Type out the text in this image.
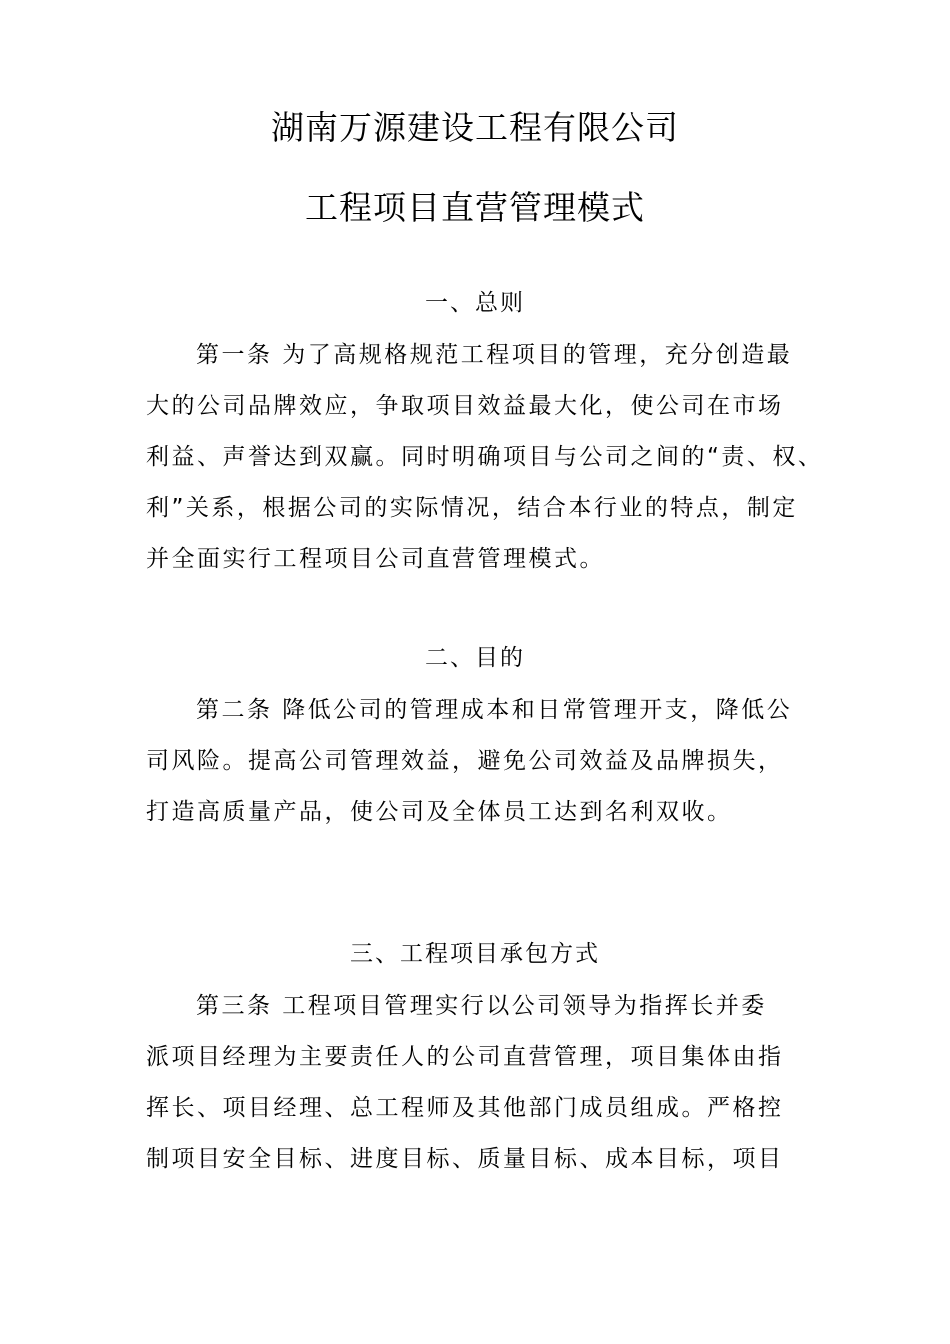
湖南万源建设工程有限公司
工程项目直营管理模式
一、总则
第一条 为了高规格规范工程项目的管理，充分创造最
大的公司品牌效应，争取项目效益最大化，使公司在市场
利益、声誉达到双赢。同时明确项目与公司之间的“责、权、
利”关系，根据公司的实际情况，结合本行业的特点，制定
并全面实行工程项目公司直营管理模式。
二、目的
第二条 降低公司的管理成本和日常管理开支，降低公
司风险。提高公司管理效益，避免公司效益及品牌损失，
打造高质量产品，使公司及全体员工达到名利双收。
三、工程项目承包方式
第三条 工程项目管理实行以公司领导为指挥长并委
派项目经理为主要责任人的公司直营管理，项目集体由指
挥长、项目经理、总工程师及其他部门成员组成。严格控
制项目安全目标、进度目标、质量目标、成本目标，项目
